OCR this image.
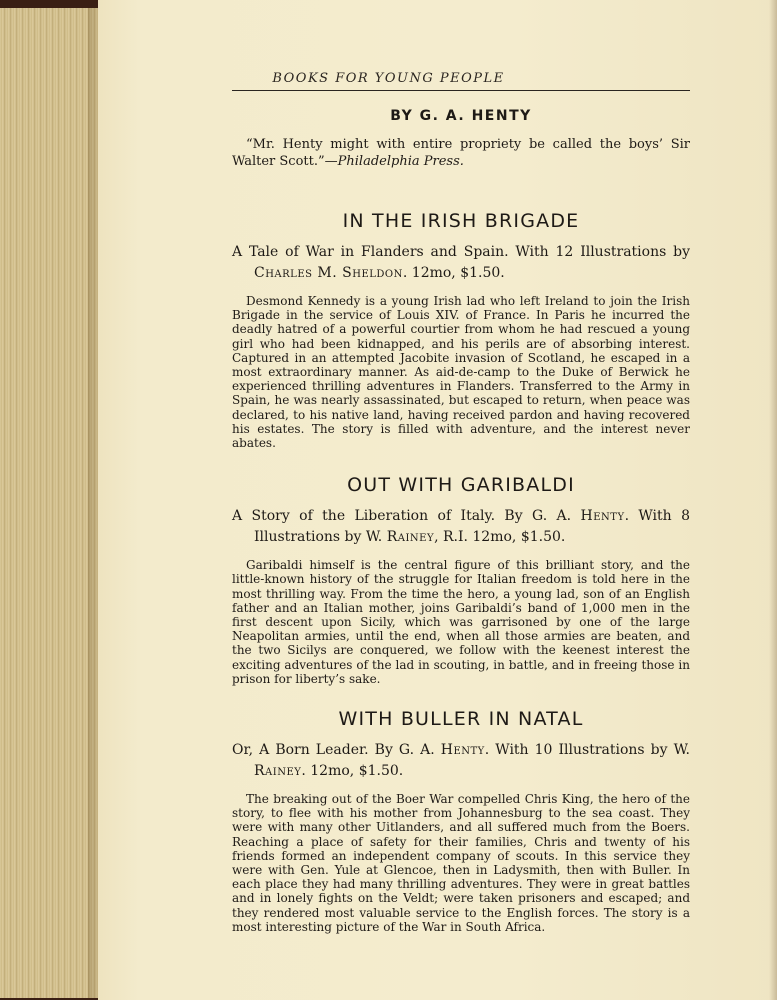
BOOKS FOR YOUNG PEOPLE
BY G. A. HENTY
“Mr. Henty might with entire propriety be called the boys’ Sir Walter Scott.”—Philadelphia Press.
IN THE IRISH BRIGADE
A Tale of War in Flanders and Spain. With 12 Illustrations by Charles M. Sheldon. 12mo, $1.50.
Desmond Kennedy is a young Irish lad who left Ireland to join the Irish Brigade in the service of Louis XIV. of France. In Paris he incurred the deadly hatred of a powerful courtier from whom he had rescued a young girl who had been kidnapped, and his perils are of absorbing interest. Captured in an attempted Jacobite invasion of Scotland, he escaped in a most extraordinary manner. As aid-de-camp to the Duke of Berwick he experienced thrilling adventures in Flanders. Transferred to the Army in Spain, he was nearly assassinated, but escaped to return, when peace was declared, to his native land, having received pardon and having recovered his estates. The story is filled with adventure, and the interest never abates.
OUT WITH GARIBALDI
A Story of the Liberation of Italy. By G. A. Henty. With 8 Illustrations by W. Rainey, R.I. 12mo, $1.50.
Garibaldi himself is the central figure of this brilliant story, and the little-known history of the struggle for Italian freedom is told here in the most thrilling way. From the time the hero, a young lad, son of an English father and an Italian mother, joins Garibaldi’s band of 1,000 men in the first descent upon Sicily, which was garrisoned by one of the large Neapolitan armies, until the end, when all those armies are beaten, and the two Sicilys are conquered, we follow with the keenest interest the exciting adventures of the lad in scouting, in battle, and in freeing those in prison for liberty’s sake.
WITH BULLER IN NATAL
Or, A Born Leader. By G. A. Henty. With 10 Illustrations by W. Rainey. 12mo, $1.50.
The breaking out of the Boer War compelled Chris King, the hero of the story, to flee with his mother from Johannesburg to the sea coast. They were with many other Uitlanders, and all suffered much from the Boers. Reaching a place of safety for their families, Chris and twenty of his friends formed an independent company of scouts. In this service they were with Gen. Yule at Glencoe, then in Ladysmith, then with Buller. In each place they had many thrilling adventures. They were in great battles and in lonely fights on the Veldt; were taken prisoners and escaped; and they rendered most valuable service to the English forces. The story is a most interesting picture of the War in South Africa.
